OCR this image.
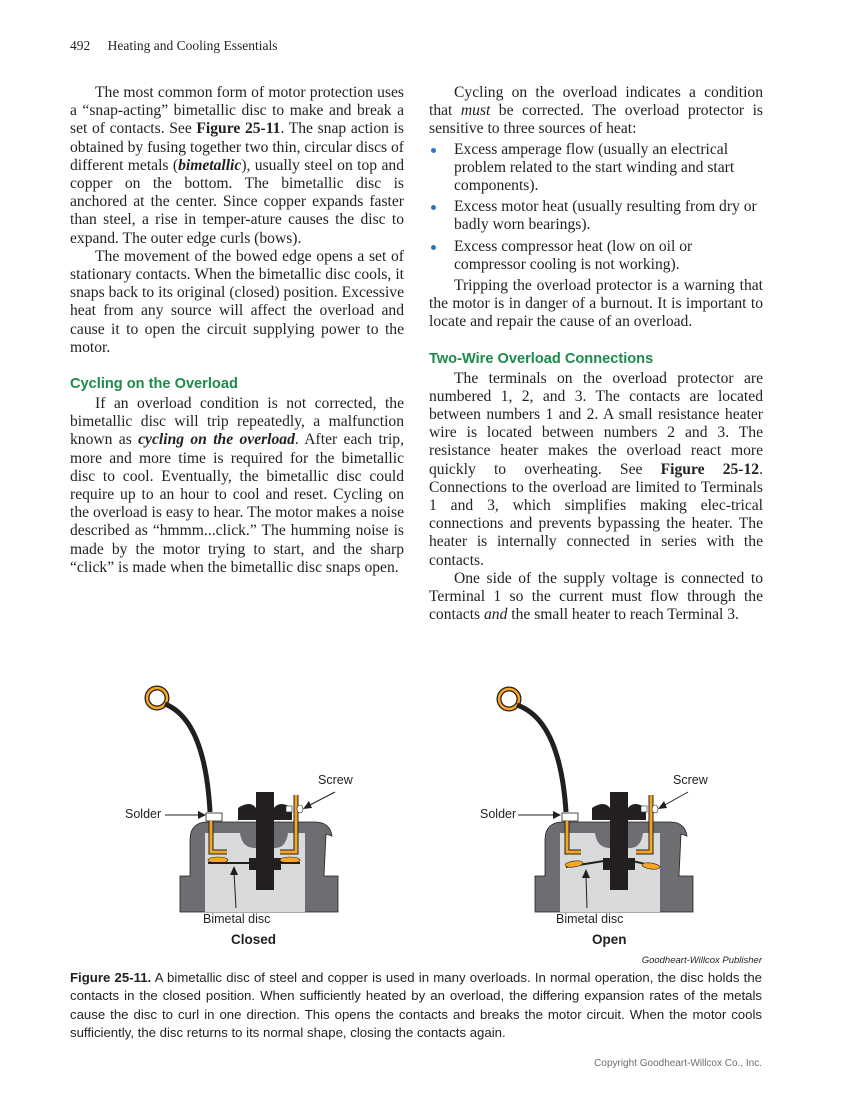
492 Heating and Cooling Essentials

The most common form of motor protection uses a “snap-acting” bimetallic disc to make and break a set of contacts. See Figure 25-11. The snap action is obtained by fusing together two thin, circular discs of different metals (bimetallic), usually steel on top and copper on the bottom. The bimetallic disc is anchored at the center. Since copper expands faster than steel, a rise in temper-ature causes the disc to expand. The outer edge curls (bows).

The movement of the bowed edge opens a set of stationary contacts. When the bimetallic disc cools, it snaps back to its original (closed) position. Excessive heat from any source will affect the overload and cause it to open the circuit supplying power to the motor.

Cycling on the Overload

If an overload condition is not corrected, the bimetallic disc will trip repeatedly, a malfunction known as cycling on the overload. After each trip, more and more time is required for the bimetallic disc to cool. Eventually, the bimetallic disc could require up to an hour to cool and reset. Cycling on the overload is easy to hear. The motor makes a noise described as “hmmm...click.” The humming noise is made by the motor trying to start, and the sharp “click” is made when the bimetallic disc snaps open.

Cycling on the overload indicates a condition that must be corrected. The overload protector is sensitive to three sources of heat:

Excess amperage flow (usually an electrical problem related to the start winding and start components).
Excess motor heat (usually resulting from dry or badly worn bearings).
Excess compressor heat (low on oil or compressor cooling is not working).

Tripping the overload protector is a warning that the motor is in danger of a burnout. It is important to locate and repair the cause of an overload.

Two-Wire Overload Connections

The terminals on the overload protector are numbered 1, 2, and 3. The contacts are located between numbers 1 and 2. A small resistance heater wire is located between numbers 2 and 3. The resistance heater makes the overload react more quickly to overheating. See Figure 25-12. Connections to the overload are limited to Terminals 1 and 3, which simplifies making elec-trical connections and prevents bypassing the heater. The heater is internally connected in series with the contacts.

One side of the supply voltage is connected to Terminal 1 so the current must flow through the contacts and the small heater to reach Terminal 3.

Solder
Screw
Bimetal disc
Closed
Solder
Screw
Bimetal disc
Open
Goodheart-Willcox Publisher
Figure 25-11. A bimetallic disc of steel and copper is used in many overloads. In normal operation, the disc holds the contacts in the closed position. When sufficiently heated by an overload, the differing expansion rates of the metals cause the disc to curl in one direction. This opens the contacts and breaks the motor circuit. When the motor cools sufficiently, the disc returns to its normal shape, closing the contacts again.
Copyright Goodheart-Willcox Co., Inc.
